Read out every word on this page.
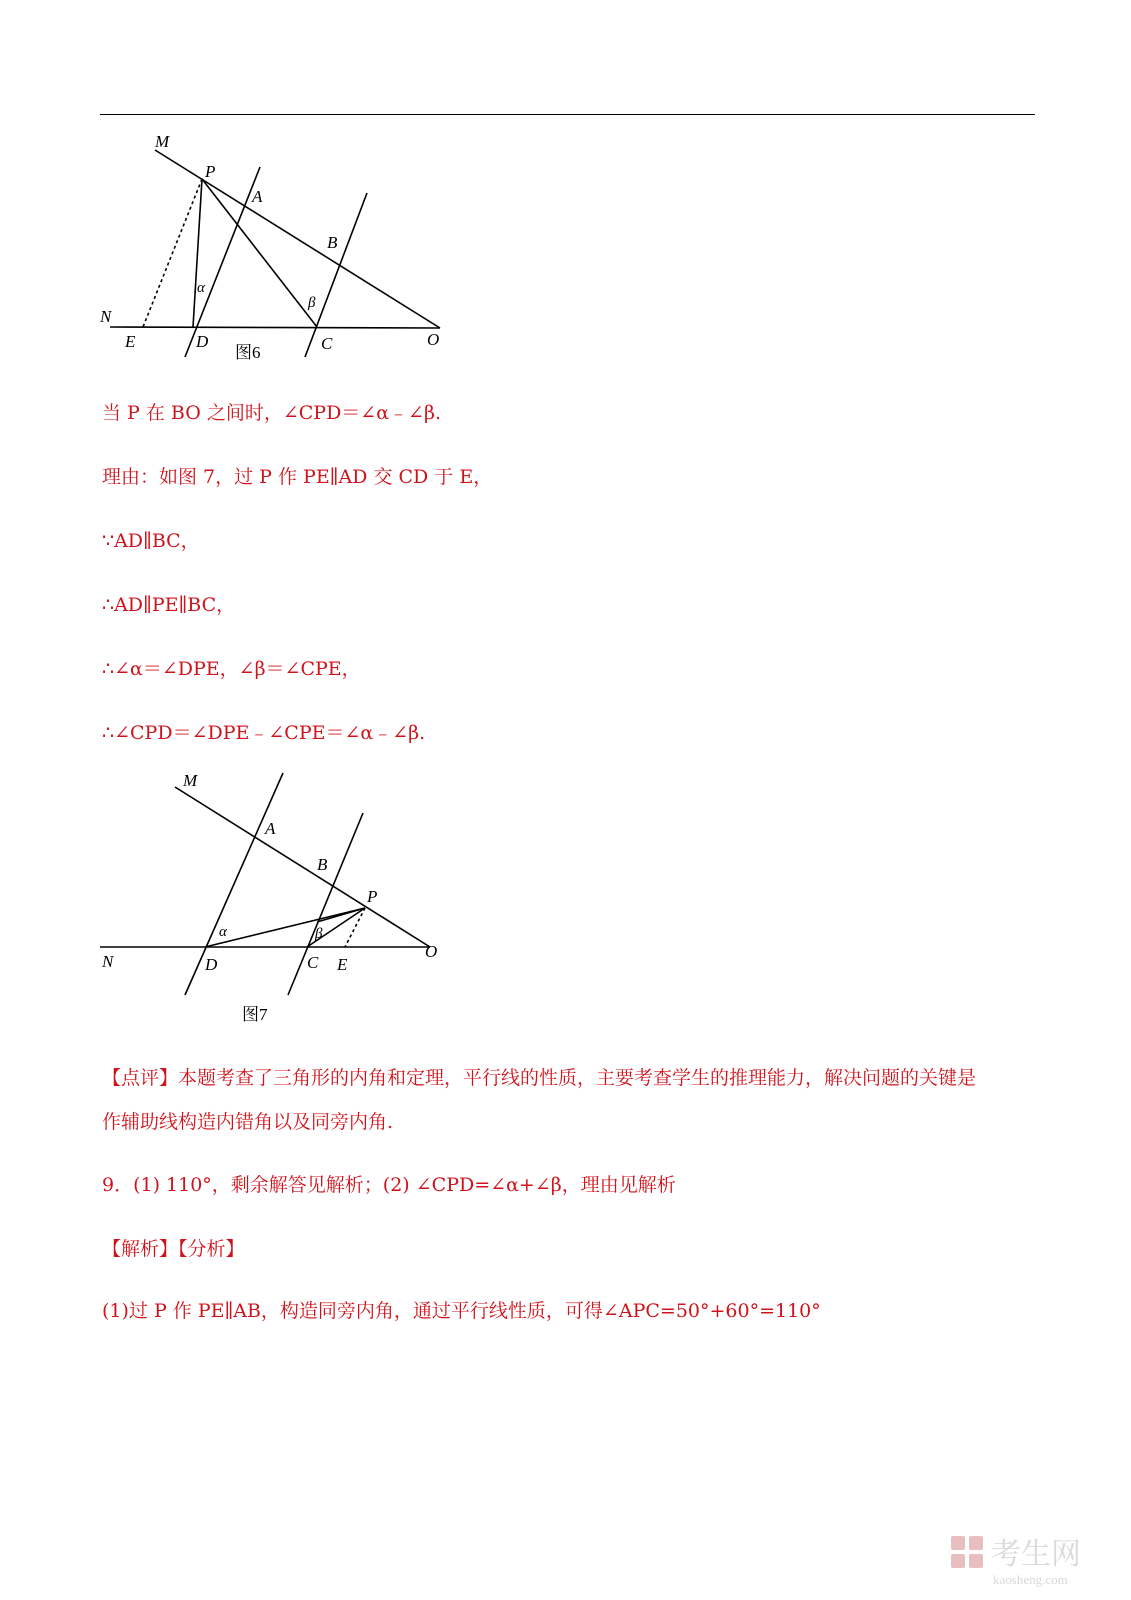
M
P
A
B
N
E	D	C	O
α
β
图6
当 P 在 BO 之间时，∠CPD＝∠α﹣∠β.
理由：如图 7，过 P 作 PE∥AD 交 CD 于 E，
∵AD∥BC，
∴AD∥PE∥BC，
∴∠α＝∠DPE，∠β＝∠CPE，
∴∠CPD＝∠DPE﹣∠CPE＝∠α﹣∠β.
M
A
B
P
N	D	C E
O
α	β
图7
【点评】本题考查了三角形的内角和定理，平行线的性质，主要考查学生的推理能力，解决问题的关键是
作辅助线构造内错角以及同旁内角.
9．(1) 110°，剩余解答见解析；(2) ∠CPD=∠α+∠β，理由见解析
【解析】【分析】
(1)过 P 作 PE∥AB，构造同旁内角，通过平行线性质，可得∠APC=50°+60°=110°
考生网
kaosheng.com
